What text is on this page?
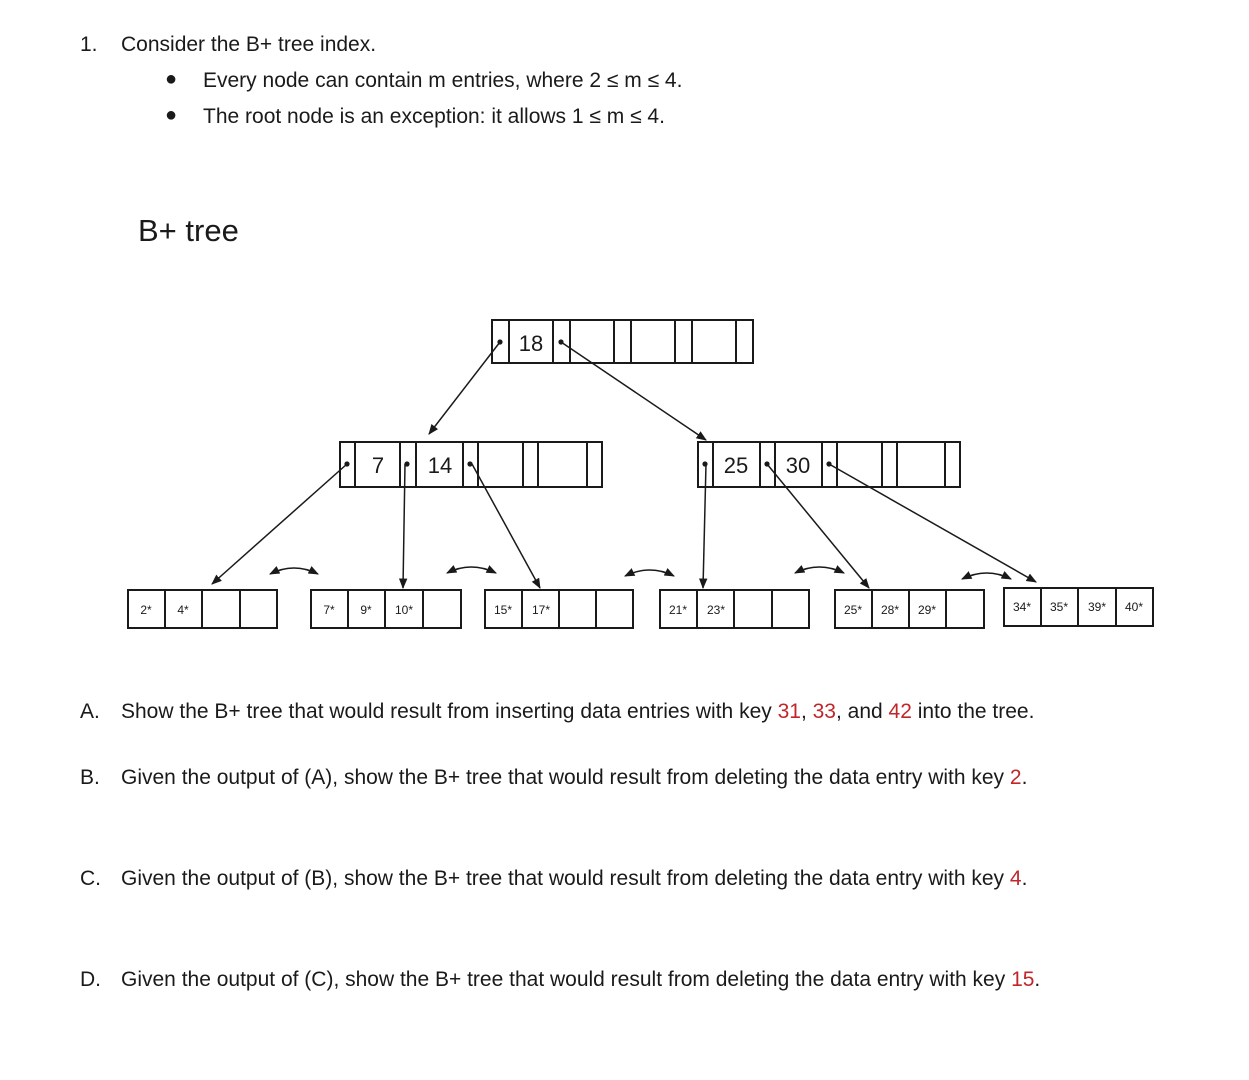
1. Consider the B+ tree index.
● Every node can contain m entries, where 2 ≤ m ≤ 4.
● The root node is an exception: it allows 1 ≤ m ≤ 4.
B+ tree
18
7 14	25 30
2* 4*	7* 9* 10*	15* 17*	21* 23*	25* 28* 29*	34* 35* 39* 40*
A. Show the B+ tree that would result from inserting data entries with key 31, 33, and 42 into the tree.
B. Given the output of (A), show the B+ tree that would result from deleting the data entry with key 2.
C. Given the output of (B), show the B+ tree that would result from deleting the data entry with key 4.
D. Given the output of (C), show the B+ tree that would result from deleting the data entry with key 15.
